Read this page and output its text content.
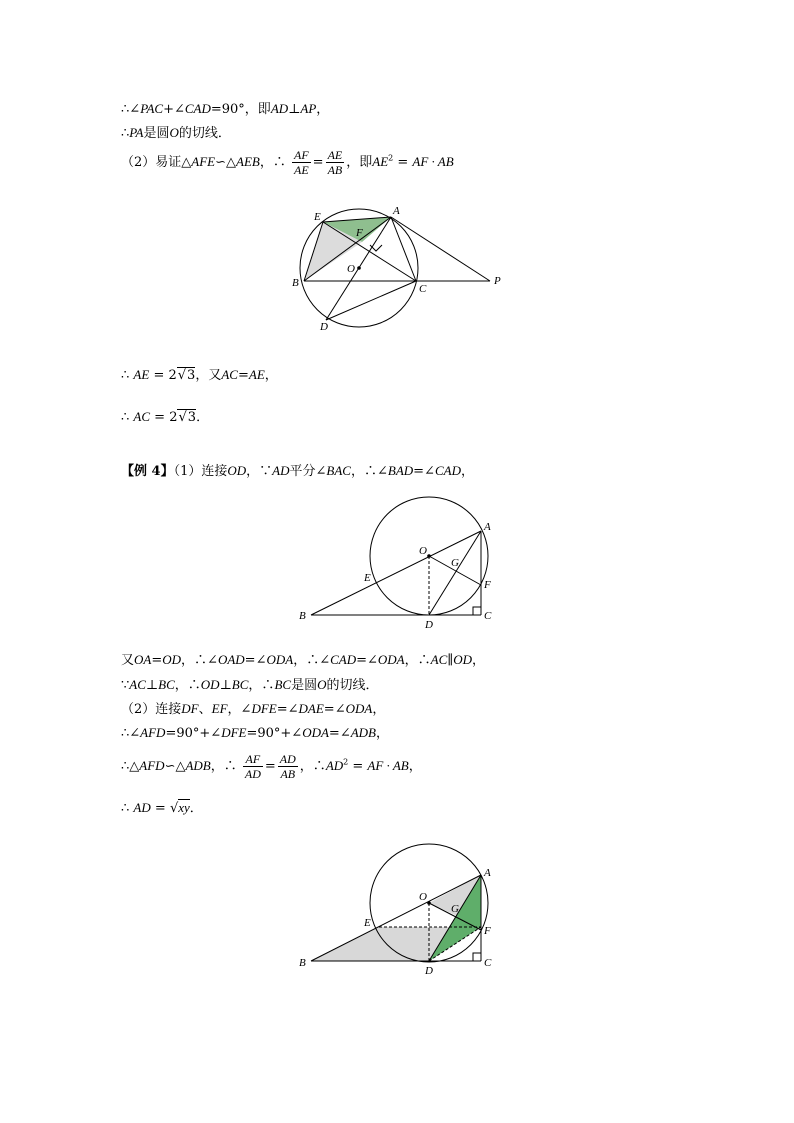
∴∠PAC+∠CAD=90°，即AD⊥AP，
∴PA是圆O的切线．
（2）易证△AFE∽△AEB，∴ $\frac{AF}{AE} = \frac{AE}{AB}$ ，即$AE^2$ = AF · AB
E	A
F
O
B	C
P
D
∴ AE = 2√3，又AC=AE，
∴ AC = 2√3．
【例 4】（1）连接OD，∵AD平分∠BAC，∴∠BAD=∠CAD，
A
O
G
E
F
B
D
C
又OA=OD，∴∠OAD=∠ODA，∴∠CAD=∠ODA，∴AC∥OD，
∵AC⊥BC，∴OD⊥BC，∴BC是圆O的切线．
（2）连接DF、EF，∠DFE=∠DAE=∠ODA，
∴∠AFD=90°+∠DFE=90°+∠ODA=∠ADB，
∴△AFD∽△ADB，∴ $\frac{AF}{AD} = \frac{AD}{AB}$ ，$\therefore AD^2$ = AF · AB，
∴ AD = √xy．
A
O
G
E
F
B
D
C
